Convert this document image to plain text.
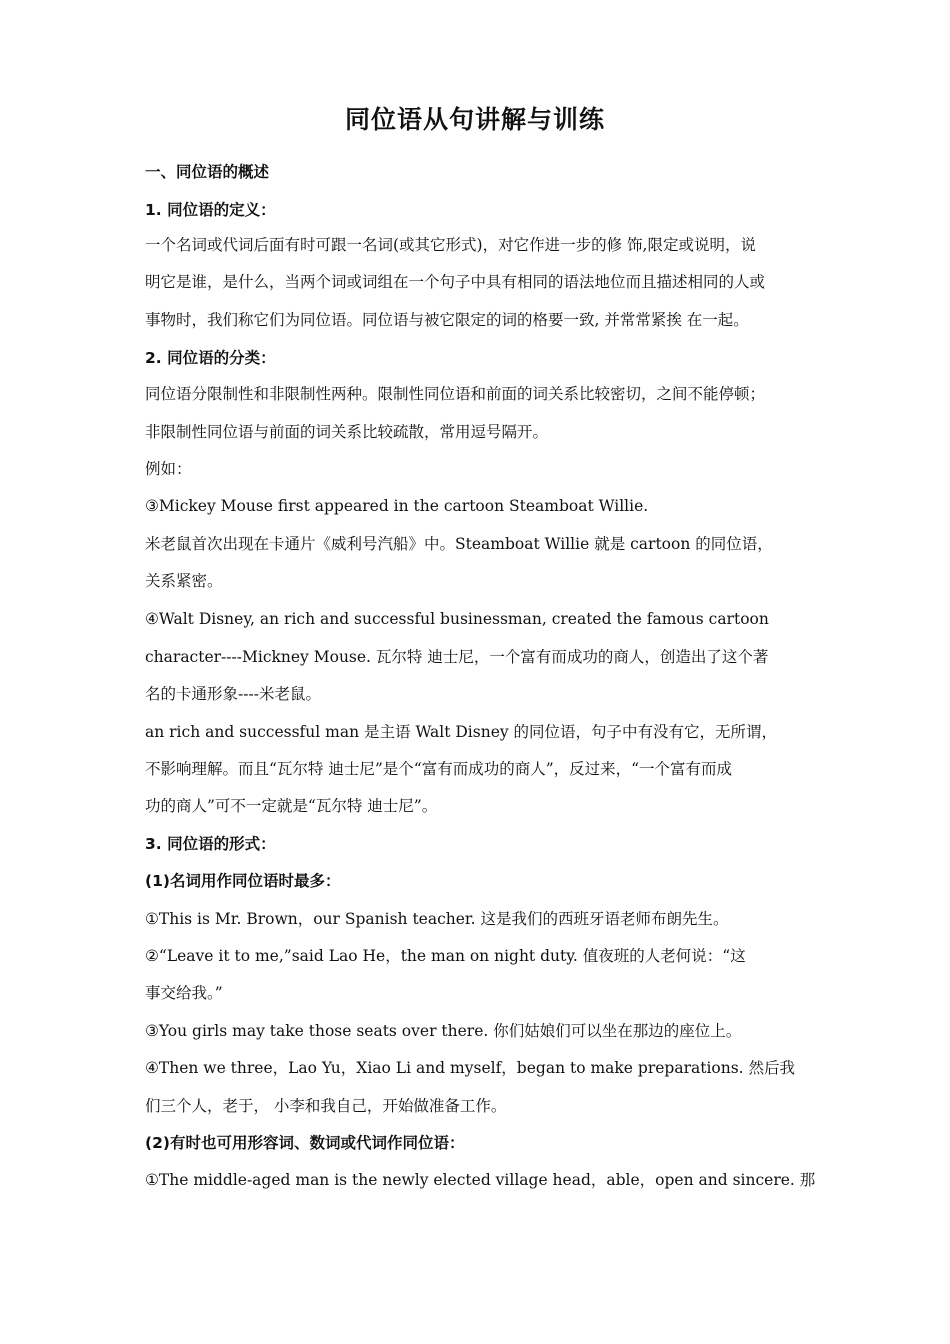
同位语从句讲解与训练
一、同位语的概述
1. 同位语的定义：
一个名词或代词后面有时可跟一名词(或其它形式)，对它作进一步的修 饰,限定或说明，说
明它是谁，是什么，当两个词或词组在一个句子中具有相同的语法地位而且描述相同的人或
事物时，我们称它们为同位语。同位语与被它限定的词的格要一致, 并常常紧挨 在一起。
2. 同位语的分类：
同位语分限制性和非限制性两种。限制性同位语和前面的词关系比较密切，之间不能停顿；
非限制性同位语与前面的词关系比较疏散，常用逗号隔开。
例如：
③Mickey Mouse first appeared in the cartoon Steamboat Willie.
米老鼠首次出现在卡通片《威利号汽船》中。Steamboat Willie 就是 cartoon 的同位语，
关系紧密。
④Walt Disney, an rich and successful businessman, created the famous cartoon
character----Mickney Mouse. 瓦尔特 迪士尼，一个富有而成功的商人，创造出了这个著
名的卡通形象----米老鼠。
an rich and successful man 是主语 Walt Disney 的同位语，句子中有没有它，无所谓，
不影响理解。而且“瓦尔特 迪士尼”是个“富有而成功的商人”，反过来，“一个富有而成
功的商人”可不一定就是“瓦尔特 迪士尼”。
3. 同位语的形式：
(1)名词用作同位语时最多：
①This is Mr. Brown，our Spanish teacher. 这是我们的西班牙语老师布朗先生。
②“Leave it to me,”said Lao He，the man on night duty. 值夜班的人老何说：“这
事交给我。”
③You girls may take those seats over there. 你们姑娘们可以坐在那边的座位上。
④Then we three，Lao Yu，Xiao Li and myself，began to make preparations. 然后我
们三个人，老于， 小李和我自己，开始做准备工作。
(2)有时也可用形容词、数词或代词作同位语：
①The middle-aged man is the newly elected village head，able，open and sincere. 那
